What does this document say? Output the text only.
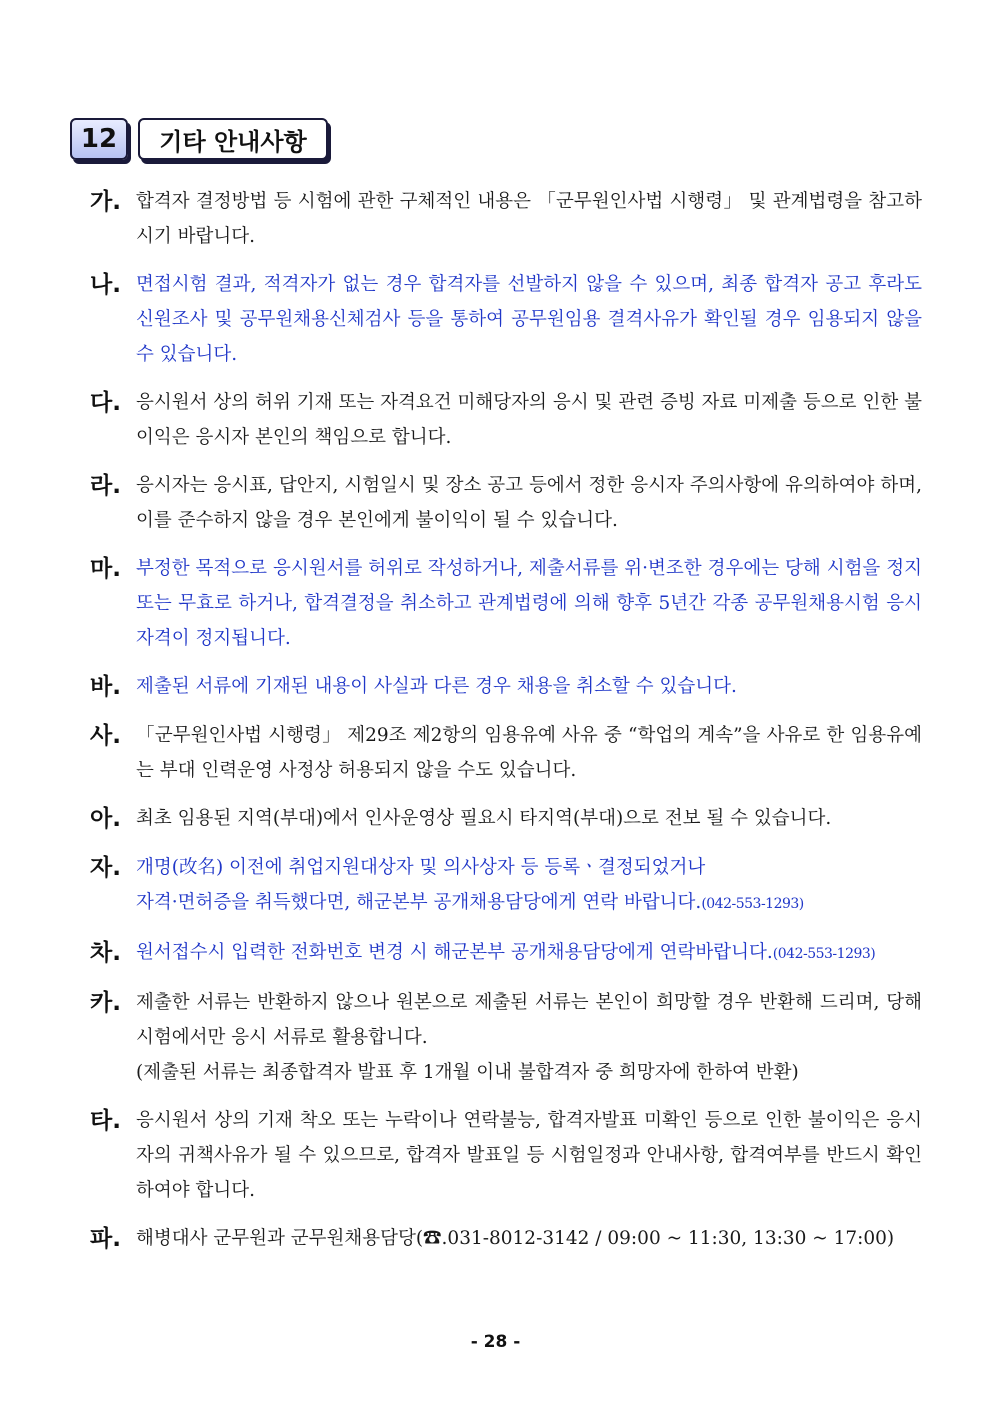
12	기타 안내사항
가. 합격자 결정방법 등 시험에 관한 구체적인 내용은 「군무원인사법 시행령」 및 관계법령을 참고하시기 바랍니다.
나. 면접시험 결과, 적격자가 없는 경우 합격자를 선발하지 않을 수 있으며, 최종 합격자 공고 후라도 신원조사 및 공무원채용신체검사 등을 통하여 공무원임용 결격사유가 확인될 경우 임용되지 않을 수 있습니다.
다. 응시원서 상의 허위 기재 또는 자격요건 미해당자의 응시 및 관련 증빙 자료 미제출 등으로 인한 불이익은 응시자 본인의 책임으로 합니다.
라. 응시자는 응시표, 답안지, 시험일시 및 장소 공고 등에서 정한 응시자 주의사항에 유의하여야 하며, 이를 준수하지 않을 경우 본인에게 불이익이 될 수 있습니다.
마. 부정한 목적으로 응시원서를 허위로 작성하거나, 제출서류를 위·변조한 경우에는 당해 시험을 정지 또는 무효로 하거나, 합격결정을 취소하고 관계법령에 의해 향후 5년간 각종 공무원채용시험 응시자격이 정지됩니다.
바. 제출된 서류에 기재된 내용이 사실과 다른 경우 채용을 취소할 수 있습니다.
사. 「군무원인사법 시행령」 제29조 제2항의 임용유예 사유 중 “학업의 계속”을 사유로 한 임용유예는 부대 인력운영 사정상 허용되지 않을 수도 있습니다.
아. 최초 임용된 지역(부대)에서 인사운영상 필요시 타지역(부대)으로 전보 될 수 있습니다.
자. 개명(改名) 이전에 취업지원대상자 및 의사상자 등 등록ㆍ결정되었거나
자격·면허증을 취득했다면, 해군본부 공개채용담당에게 연락 바랍니다.(042-553-1293)
차. 원서접수시 입력한 전화번호 변경 시 해군본부 공개채용담당에게 연락바랍니다.(042-553-1293)
카. 제출한 서류는 반환하지 않으나 원본으로 제출된 서류는 본인이 희망할 경우 반환해 드리며, 당해 시험에서만 응시 서류로 활용합니다.
(제출된 서류는 최종합격자 발표 후 1개월 이내 불합격자 중 희망자에 한하여 반환)
타. 응시원서 상의 기재 착오 또는 누락이나 연락불능, 합격자발표 미확인 등으로 인한 불이익은 응시자의 귀책사유가 될 수 있으므로, 합격자 발표일 등 시험일정과 안내사항, 합격여부를 반드시 확인하여야 합니다.
파. 해병대사 군무원과 군무원채용담당(☎.031-8012-3142 / 09:00 ~ 11:30, 13:30 ~ 17:00)
- 28 -
